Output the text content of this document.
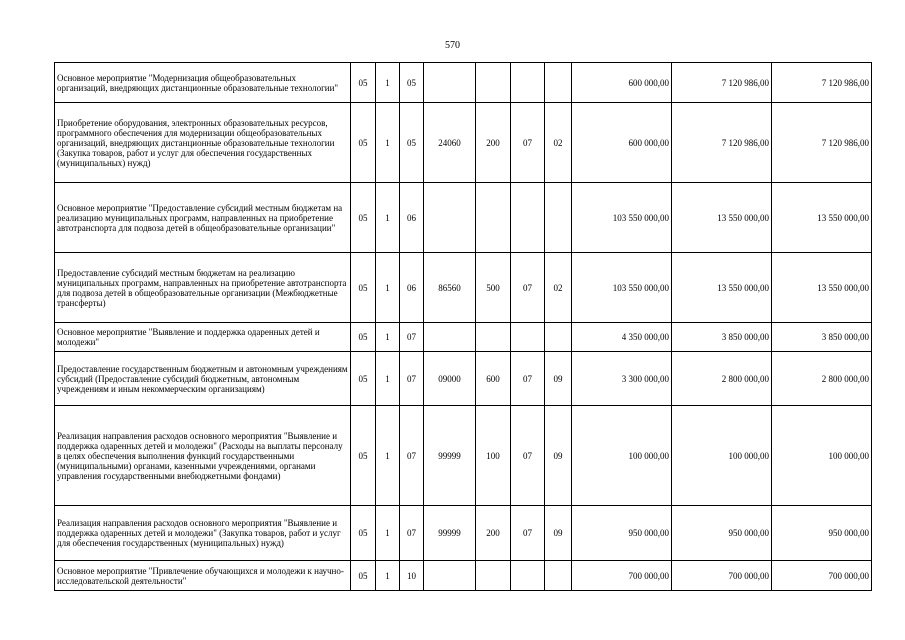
570
Основное мероприятие "Модернизация общеобразовательных организаций, внедряющих дистанционные образовательные технологии"	05	1	05					600 000,00	7 120 986,00	7 120 986,00
Приобретение оборудования, электронных образовательных ресурсов, программного обеспечения для модернизации общеобразовательных организаций, внедряющих дистанционные образовательные технологии (Закупка товаров, работ и услуг для обеспечения государственных (муниципальных) нужд)	05	1	05	24060	200	07	02	600 000,00	7 120 986,00	7 120 986,00
Основное мероприятие "Предоставление субсидий местным бюджетам на реализацию муниципальных программ, направленных на приобретение автотранспорта для подвоза детей в общеобразовательные организации"	05	1	06					103 550 000,00	13 550 000,00	13 550 000,00
Предоставление субсидий местным бюджетам на реализацию муниципальных программ, направленных на приобретение автотранспорта для подвоза детей в общеобразовательные организации (Межбюджетные трансферты)	05	1	06	86560	500	07	02	103 550 000,00	13 550 000,00	13 550 000,00
Основное мероприятие "Выявление и поддержка одаренных детей и молодежи"	05	1	07					4 350 000,00	3 850 000,00	3 850 000,00
Предоставление государственным бюджетным и автономным учреждениям субсидий (Предоставление субсидий бюджетным, автономным учреждениям и иным некоммерческим организациям)	05	1	07	09000	600	07	09	3 300 000,00	2 800 000,00	2 800 000,00
Реализация направления расходов основного мероприятия "Выявление и поддержка одаренных детей и молодежи" (Расходы на выплаты персоналу в целях обеспечения выполнения функций государственными (муниципальными) органами, казенными учреждениями, органами управления государственными внебюджетными фондами)	05	1	07	99999	100	07	09	100 000,00	100 000,00	100 000,00
Реализация направления расходов основного мероприятия "Выявление и поддержка одаренных детей и молодежи" (Закупка товаров, работ и услуг для обеспечения государственных (муниципальных) нужд)	05	1	07	99999	200	07	09	950 000,00	950 000,00	950 000,00
Основное мероприятие "Привлечение обучающихся и молодежи к научно-исследовательской деятельности"	05	1	10					700 000,00	700 000,00	700 000,00
